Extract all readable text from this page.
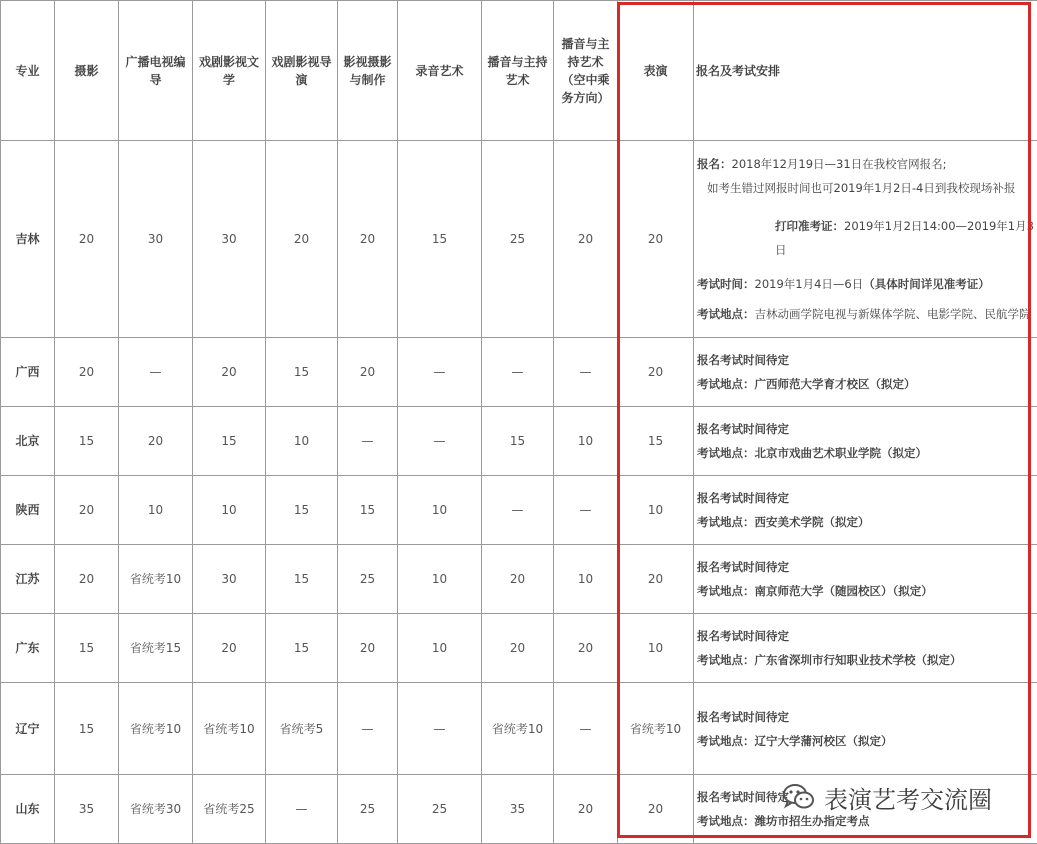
专业	摄影	广播电视编导	戏剧影视文学	戏剧影视导演	影视摄影与制作	录音艺术	播音与主持艺术	播音与主持艺术（空中乘务方向）	表演	报名及考试安排
吉林	20	30	30	20	20	15	25	20	20	报名：2018年12月19日—31日在我校官网报名;
如考生错过网报时间也可2019年1月2日-4日到我校现场补报
打印准考证：2019年1月2日14:00—2019年1月3日
考试时间：2019年1月4日—6日（具体时间详见准考证）
考试地点：吉林动画学院电视与新媒体学院、电影学院、民航学院

广西	20	—	20	15	20	—	—	—	20	报名考试时间待定
考试地点：广西师范大学育才校区（拟定）

北京	15	20	15	10	—	—	15	10	15	报名考试时间待定
考试地点：北京市戏曲艺术职业学院（拟定）

陕西	20	10	10	15	15	10	—	—	10	报名考试时间待定
考试地点：西安美术学院（拟定）

江苏	20	省统考10	30	15	25	10	20	10	20	报名考试时间待定
考试地点：南京师范大学（随园校区）（拟定）

广东	15	省统考15	20	15	20	10	20	20	10	报名考试时间待定
考试地点：广东省深圳市行知职业技术学校（拟定）

辽宁	15	省统考10	省统考10	省统考5	—	—	省统考10	—	省统考10	报名考试时间待定
考试地点：辽宁大学蒲河校区（拟定）

山东	35	省统考30	省统考25	—	25	25	35	20	20	报名考试时间待定
考试地点：潍坊市招生办指定考点
表演艺考交流圈
